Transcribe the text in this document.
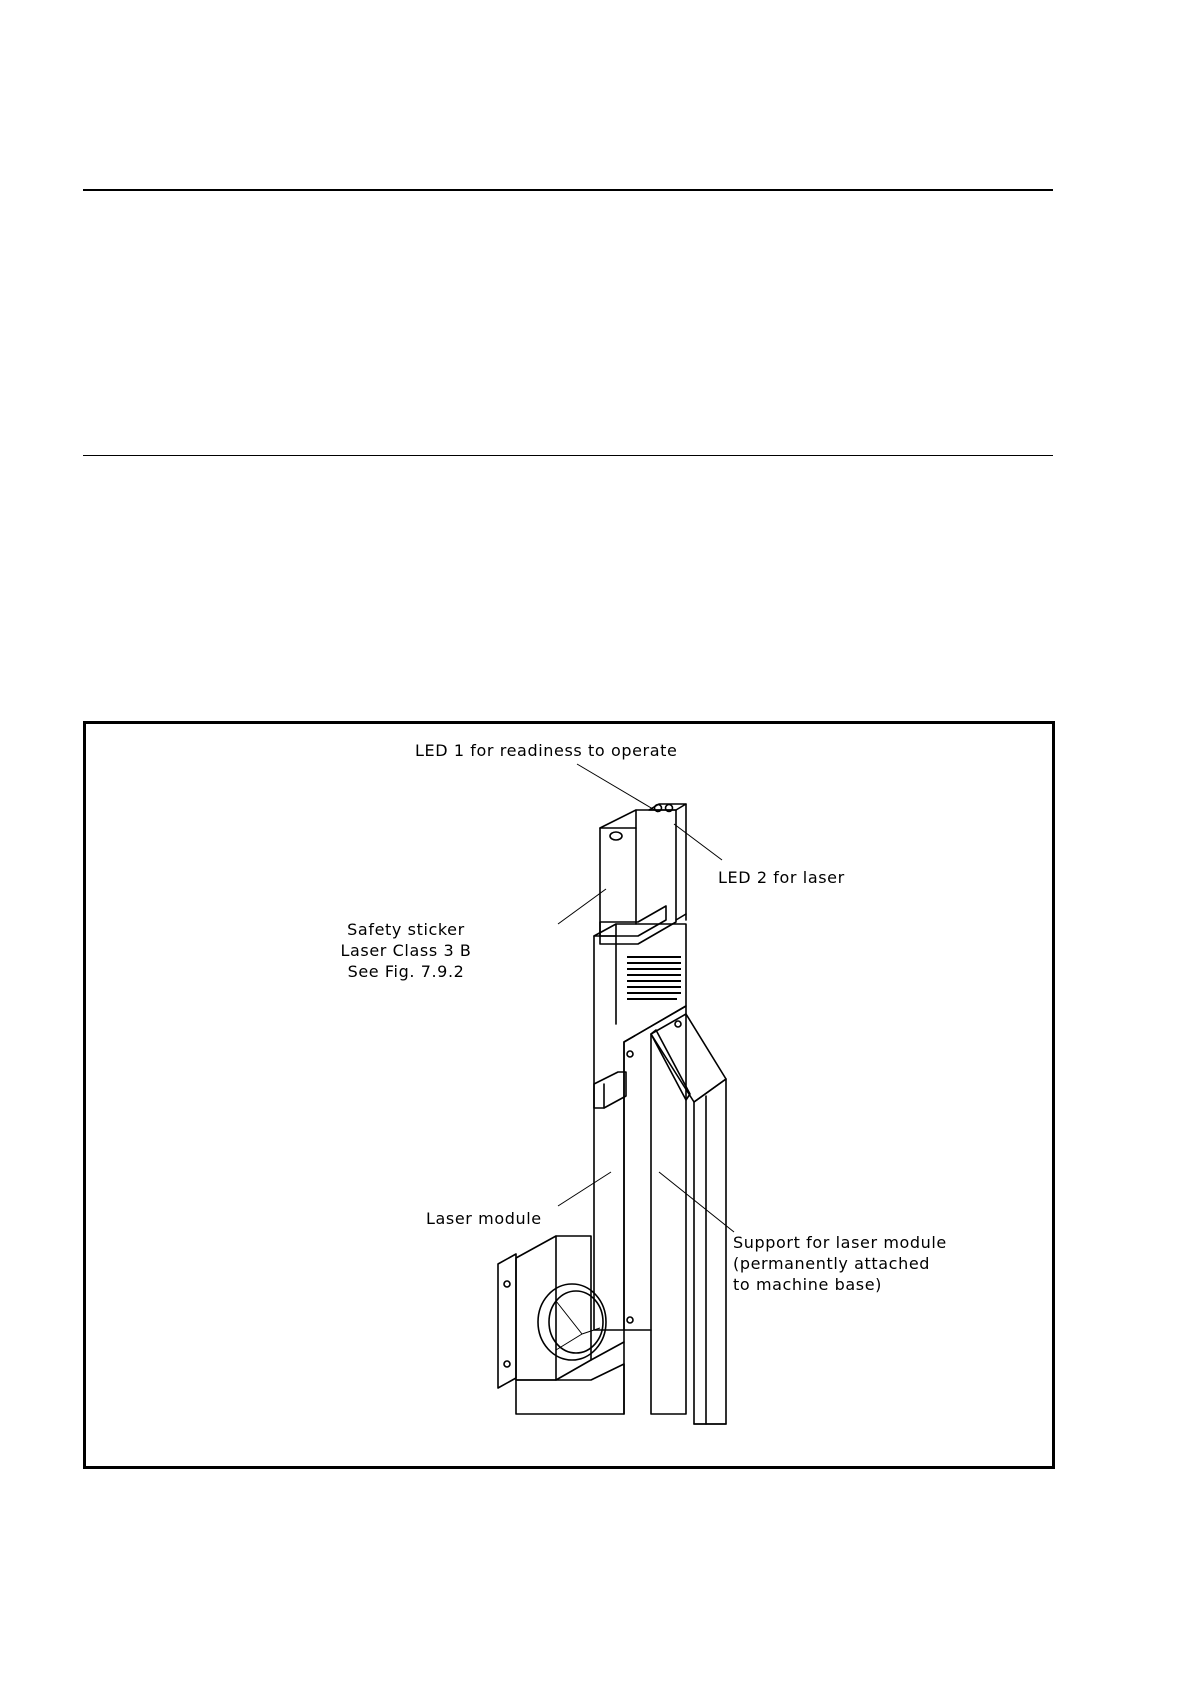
LED 1 for readiness to operate
LED 2 for laser
Safety sticker
Laser Class 3 B
See Fig. 7.9.2
Laser module
Support for laser module
(permanently attached
to machine base)
